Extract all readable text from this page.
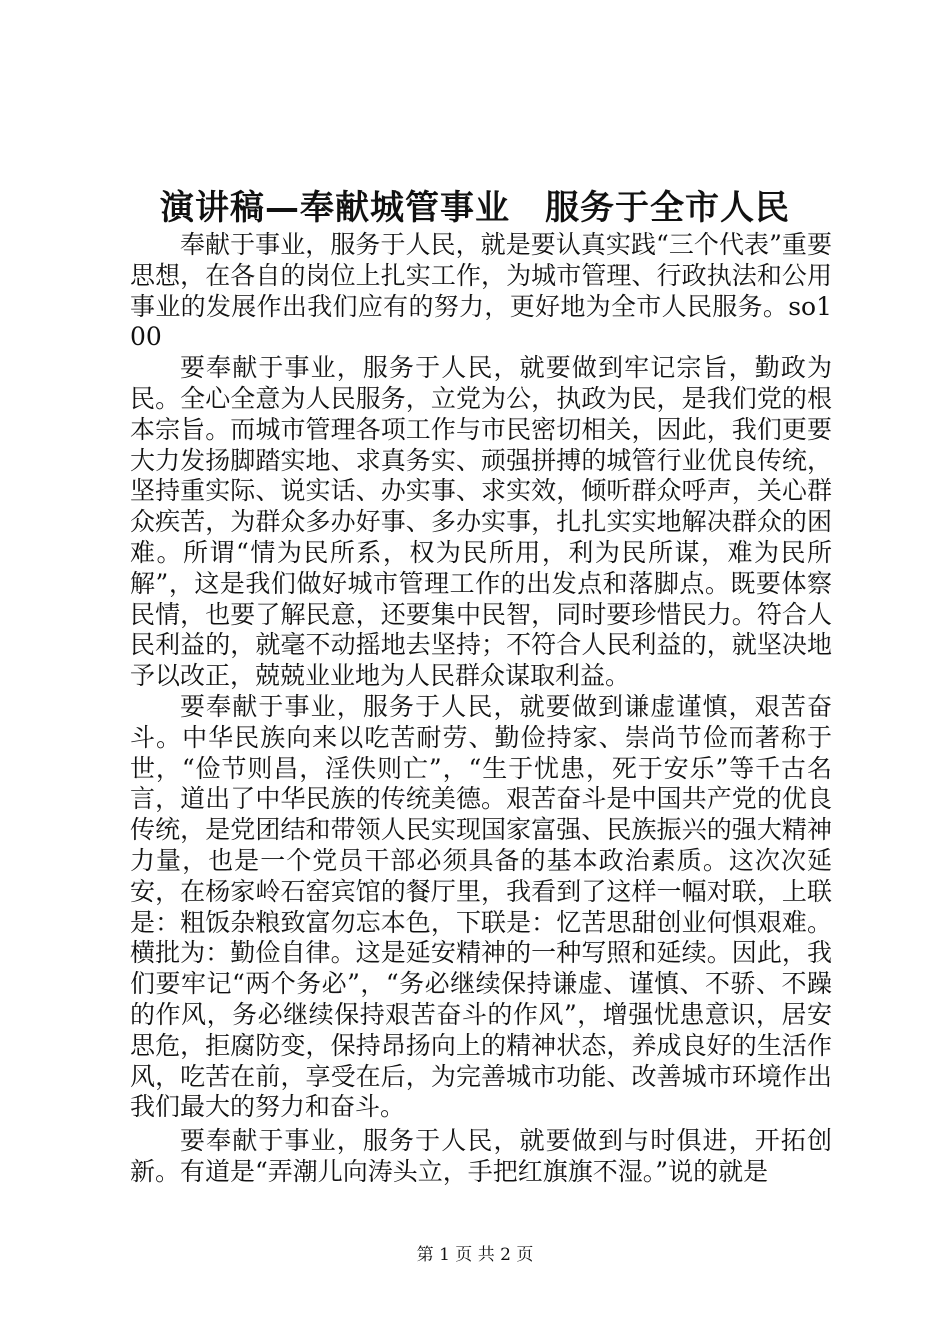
演讲稿—奉献城管事业　服务于全市人民

奉献于事业，服务于人民，就是要认真实践“三个代表”重要思想，在各自的岗位上扎实工作，为城市管理、行政执法和公用事业的发展作出我们应有的努力，更好地为全市人民服务。so100

要奉献于事业，服务于人民，就要做到牢记宗旨，勤政为民。全心全意为人民服务，立党为公，执政为民，是我们党的根本宗旨。而城市管理各项工作与市民密切相关，因此，我们更要大力发扬脚踏实地、求真务实、顽强拼搏的城管行业优良传统，坚持重实际、说实话、办实事、求实效，倾听群众呼声，关心群众疾苦，为群众多办好事、多办实事，扎扎实实地解决群众的困难。所谓“情为民所系，权为民所用，利为民所谋，难为民所解”，这是我们做好城市管理工作的出发点和落脚点。既要体察民情，也要了解民意，还要集中民智，同时要珍惜民力。符合人民利益的，就毫不动摇地去坚持；不符合人民利益的，就坚决地予以改正，兢兢业业地为人民群众谋取利益。

要奉献于事业，服务于人民，就要做到谦虚谨慎，艰苦奋斗。中华民族向来以吃苦耐劳、勤俭持家、崇尚节俭而著称于世，“俭节则昌，淫佚则亡”，“生于忧患，死于安乐”等千古名言，道出了中华民族的传统美德。艰苦奋斗是中国共产党的优良传统，是党团结和带领人民实现国家富强、民族振兴的强大精神力量，也是一个党员干部必须具备的基本政治素质。这次次延安，在杨家岭石窑宾馆的餐厅里，我看到了这样一幅对联，上联是：粗饭杂粮致富勿忘本色，下联是：忆苦思甜创业何惧艰难。横批为：勤俭自律。这是延安精神的一种写照和延续。因此，我们要牢记“两个务必”，“务必继续保持谦虚、谨慎、不骄、不躁的作风，务必继续保持艰苦奋斗的作风”，增强忧患意识，居安思危，拒腐防变，保持昂扬向上的精神状态，养成良好的生活作风，吃苦在前，享受在后，为完善城市功能、改善城市环境作出我们最大的努力和奋斗。

要奉献于事业，服务于人民，就要做到与时俱进，开拓创新。有道是“弄潮儿向涛头立，手把红旗旗不湿。”说的就是

第 1 页 共 2 页
